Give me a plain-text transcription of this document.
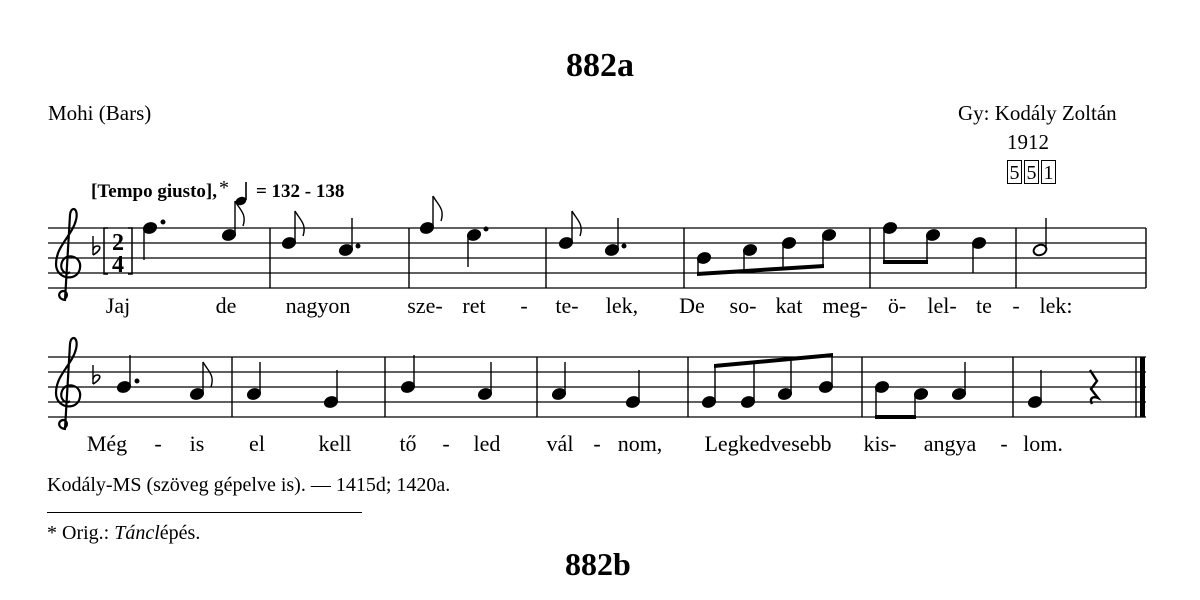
882a
Mohi (Bars)	Gy: Kodály Zoltán
1912
5 5 1
[Tempo giusto], * = 132 - 138
2
4
Jaj	de nagyon	sze- ret - te- lek, De so- kat meg- ö- lel- te - lek:
Még - is el kell tő - led vál - nom, Legkedvesebb kis- angya - lom.
Kodály-MS (szöveg gépelve is). — 1415d; 1420a.
* Orig.: Tánclépés.
882b
